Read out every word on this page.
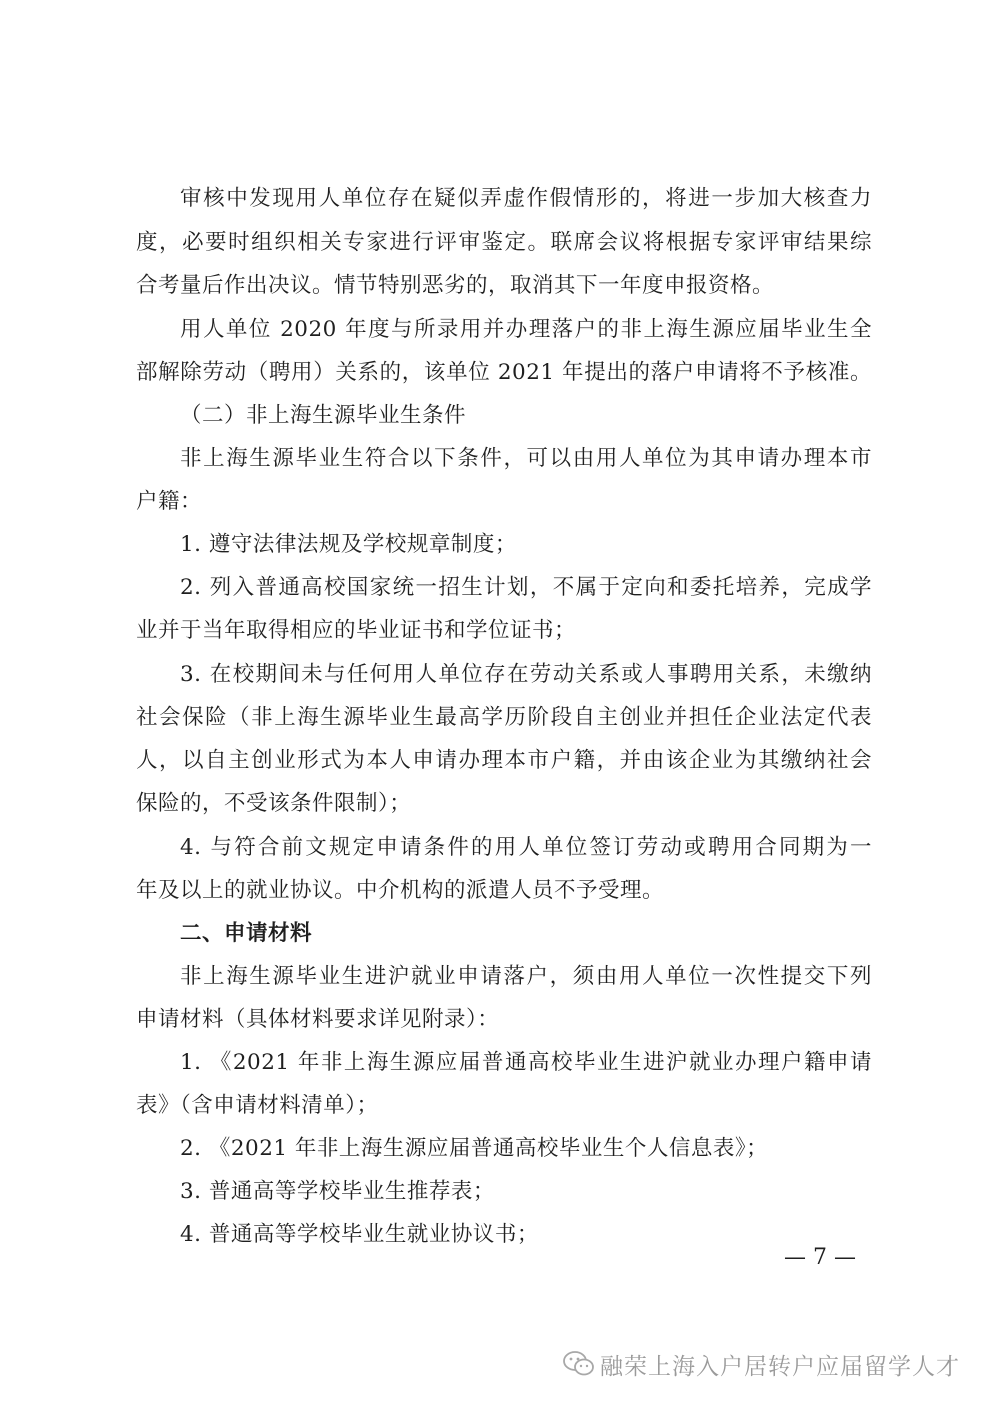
审核中发现用人单位存在疑似弄虚作假情形的，将进一步加大核查力
度，必要时组织相关专家进行评审鉴定。联席会议将根据专家评审结果综
合考量后作出决议。情节特别恶劣的，取消其下一年度申报资格。
用人单位 2020 年度与所录用并办理落户的非上海生源应届毕业生全
部解除劳动（聘用）关系的，该单位 2021 年提出的落户申请将不予核准。
（二）非上海生源毕业生条件
非上海生源毕业生符合以下条件，可以由用人单位为其申请办理本市
户籍：
1. 遵守法律法规及学校规章制度；
2. 列入普通高校国家统一招生计划，不属于定向和委托培养，完成学
业并于当年取得相应的毕业证书和学位证书；
3. 在校期间未与任何用人单位存在劳动关系或人事聘用关系，未缴纳
社会保险（非上海生源毕业生最高学历阶段自主创业并担任企业法定代表
人，以自主创业形式为本人申请办理本市户籍，并由该企业为其缴纳社会
保险的，不受该条件限制）；
4. 与符合前文规定申请条件的用人单位签订劳动或聘用合同期为一
年及以上的就业协议。中介机构的派遣人员不予受理。
二、申请材料
非上海生源毕业生进沪就业申请落户，须由用人单位一次性提交下列
申请材料（具体材料要求详见附录）：
1. 《2021 年非上海生源应届普通高校毕业生进沪就业办理户籍申请
表》（含申请材料清单）；
2. 《2021 年非上海生源应届普通高校毕业生个人信息表》；
3. 普通高等学校毕业生推荐表；
4. 普通高等学校毕业生就业协议书；
— 7 —
融荣上海入户居转户应届留学人才
